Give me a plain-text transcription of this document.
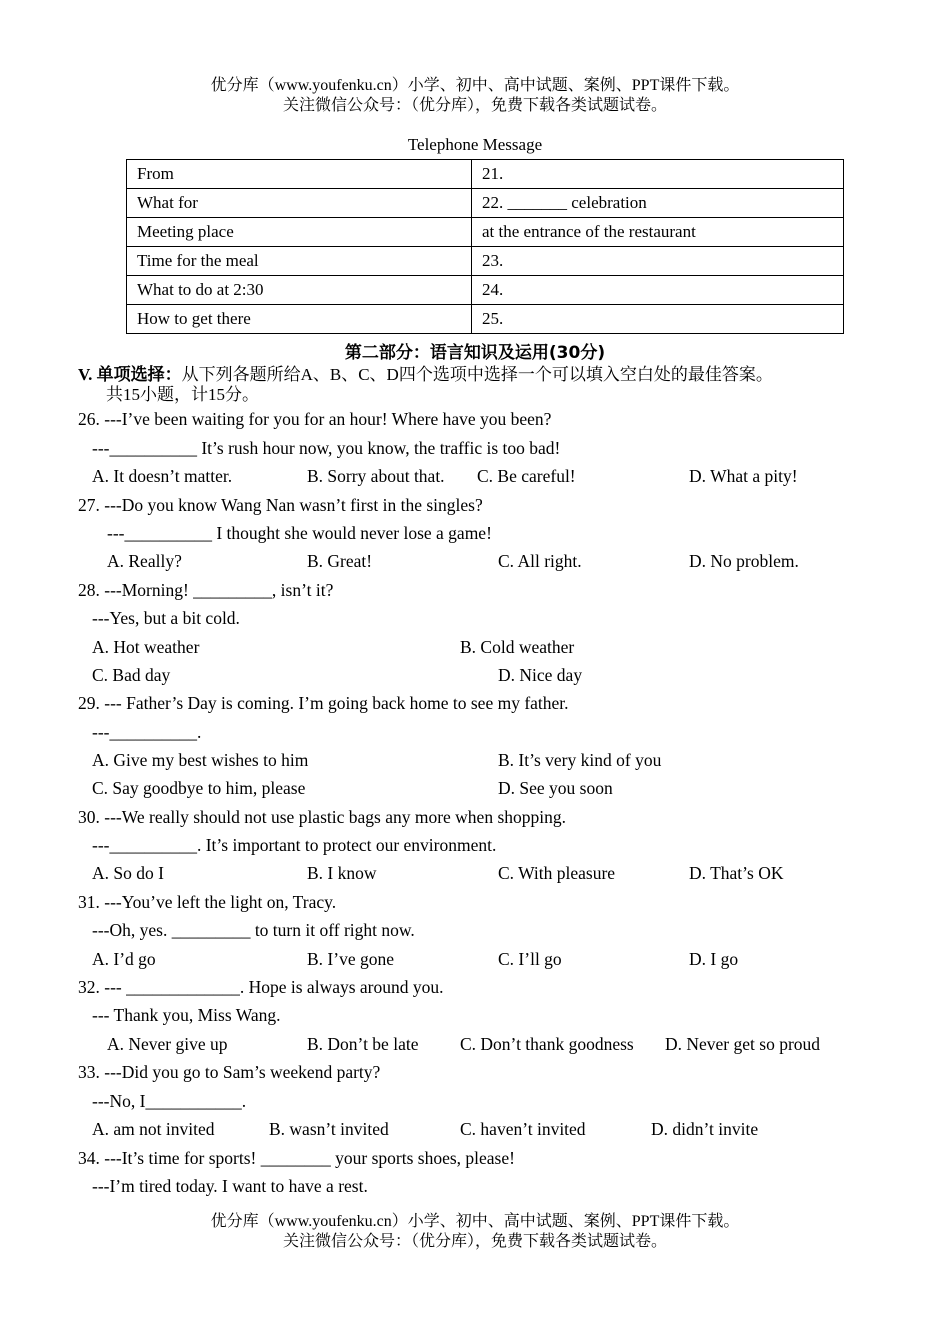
优分库（www.youfenku.cn）小学、初中、高中试题、案例、PPT课件下载。
关注微信公众号：（优分库），免费下载各类试题试卷。
Telephone Message
From	21.
What for	22. _______ celebration
Meeting place	at the entrance of the restaurant
Time for the meal	23.
What to do at 2:30	24.
How to get there	25.
第二部分：语言知识及运用(30分)
V. 单项选择：从下列各题所给A、B、C、D四个选项中选择一个可以填入空白处的最佳答案。
共15小题，计15分。
26. ---I’ve been waiting for you for an hour! Where have you been?
---__________ It’s rush hour now, you know, the traffic is too bad!
A. It doesn’t matter.	B. Sorry about that. C. Be careful!	D. What a pity!
27. ---Do you know Wang Nan wasn’t first in the singles?
---__________ I thought she would never lose a game!
A. Really?	B. Great!	C. All right.	D. No problem.
28. ---Morning! _________, isn’t it?
---Yes, but a bit cold.
A. Hot weather	B. Cold weather
C. Bad day	D. Nice day
29. --- Father’s Day is coming. I’m going back home to see my father.
---__________.
A. Give my best wishes to him	B. It’s very kind of you
C. Say goodbye to him, please	D. See you soon
30. ---We really should not use plastic bags any more when shopping.
---__________. It’s important to protect our environment.
A. So do I	B. I know	C. With pleasure	D. That’s OK
31. ---You’ve left the light on, Tracy.
---Oh, yes. _________ to turn it off right now.
A. I’d go	B. I’ve gone	C. I’ll go	D. I go
32. --- _____________. Hope is always around you.
--- Thank you, Miss Wang.
A. Never give up	B. Don’t be late C. Don’t thank goodness D. Never get so proud
33. ---Did you go to Sam’s weekend party?
---No, I___________.
A. am not invited	B. wasn’t invited	C. haven’t invited	D. didn’t invite
34. ---It’s time for sports! ________ your sports shoes, please!
---I’m tired today. I want to have a rest.
优分库（www.youfenku.cn）小学、初中、高中试题、案例、PPT课件下载。
关注微信公众号：（优分库），免费下载各类试题试卷。
